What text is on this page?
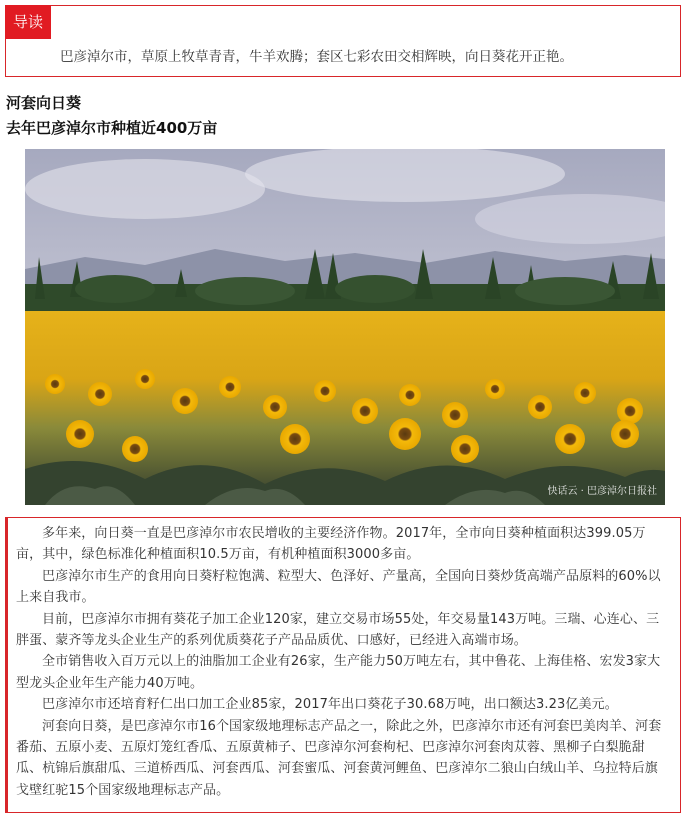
导读
巴彦淖尔市，草原上牧草青青，牛羊欢腾；套区七彩农田交相辉映，向日葵花开正艳。
河套向日葵
去年巴彦淖尔市种植近400万亩
快话云 · 巴彦淖尔日报社

多年来，向日葵一直是巴彦淖尔市农民增收的主要经济作物。2017年，全市向日葵种植面积达399.05万亩，其中，绿色标准化种植面积10.5万亩，有机种植面积3000多亩。

巴彦淖尔市生产的食用向日葵籽粒饱满、粒型大、色泽好、产量高，全国向日葵炒货高端产品原料的60%以上来自我市。

目前，巴彦淖尔市拥有葵花子加工企业120家，建立交易市场55处，年交易量143万吨。三瑞、心连心、三胖蛋、蒙齐等龙头企业生产的系列优质葵花子产品品质优、口感好，已经进入高端市场。

全市销售收入百万元以上的油脂加工企业有26家，生产能力50万吨左右，其中鲁花、上海佳格、宏发3家大型龙头企业年生产能力40万吨。

巴彦淖尔市还培育籽仁出口加工企业85家，2017年出口葵花子30.68万吨，出口额达3.23亿美元。

河套向日葵，是巴彦淖尔市16个国家级地理标志产品之一，除此之外，巴彦淖尔市还有河套巴美肉羊、河套番茄、五原小麦、五原灯笼红香瓜、五原黄柿子、巴彦淖尔河套枸杞、巴彦淖尔河套肉苁蓉、黑柳子白梨脆甜瓜、杭锦后旗甜瓜、三道桥西瓜、河套西瓜、河套蜜瓜、河套黄河鲤鱼、巴彦淖尔二狼山白绒山羊、乌拉特后旗戈壁红驼15个国家级地理标志产品。
